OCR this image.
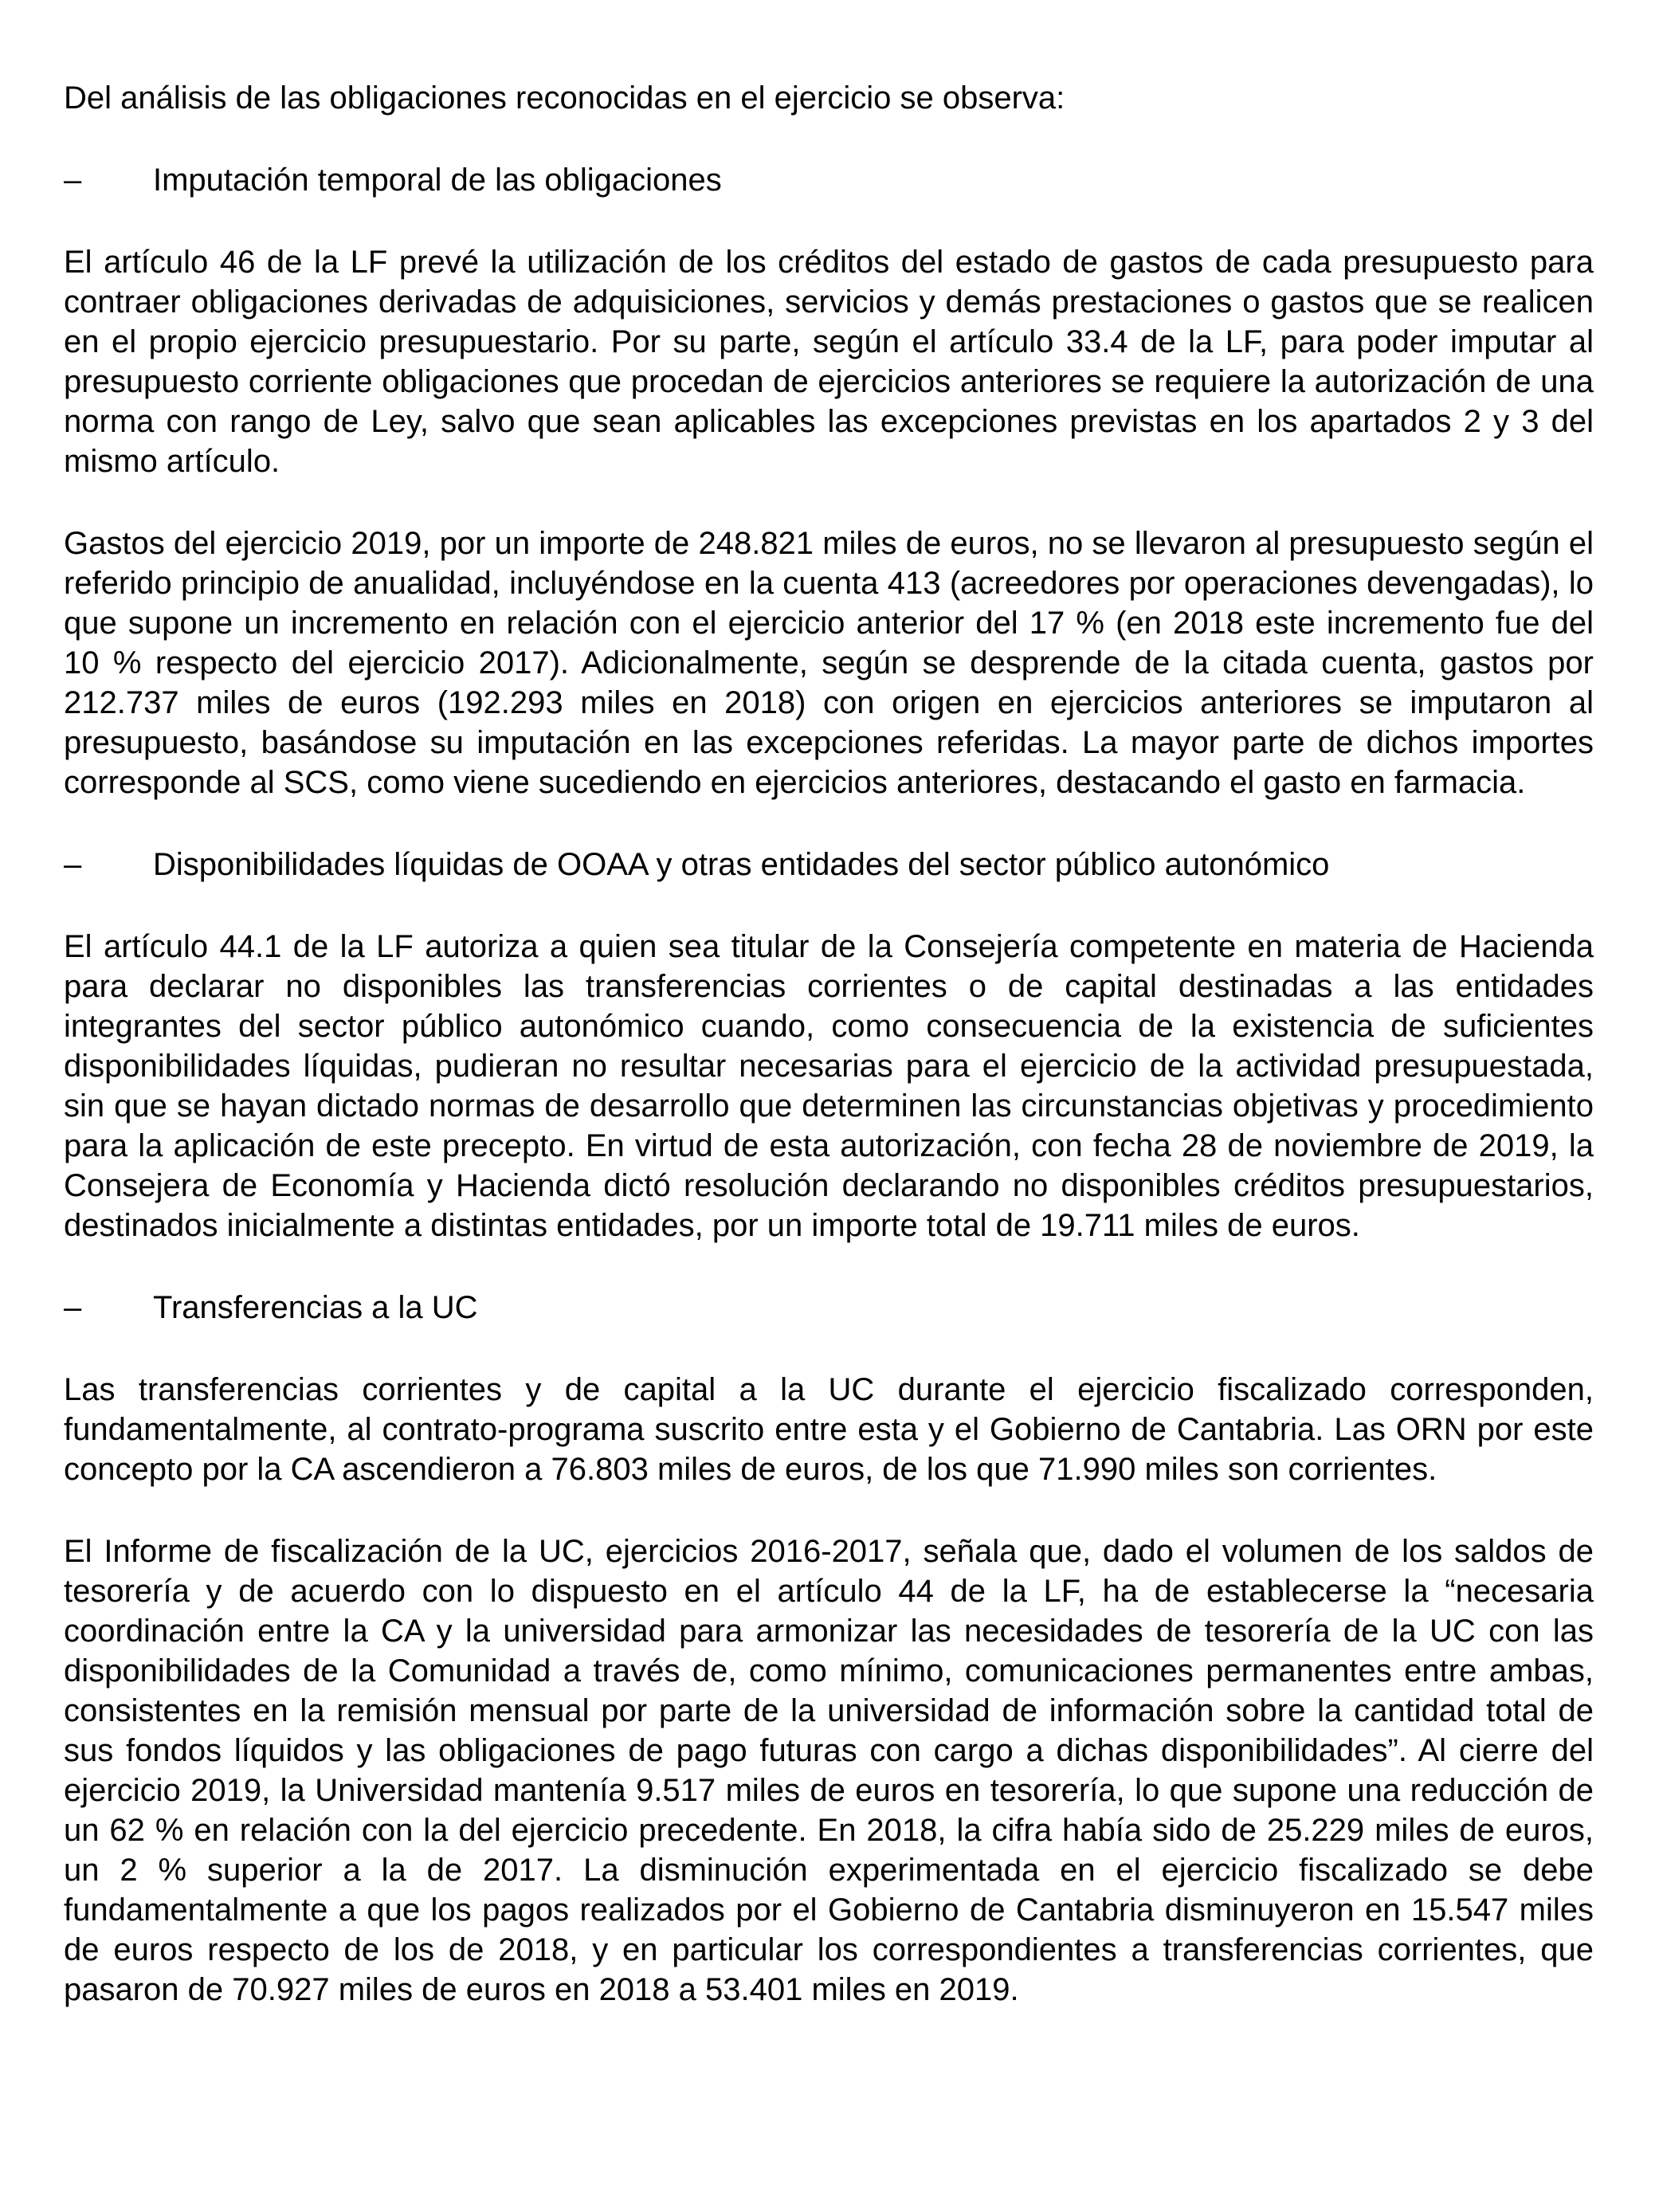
Del análisis de las obligaciones reconocidas en el ejercicio se observa:

–	Imputación temporal de las obligaciones

El artículo 46 de la LF prevé la utilización de los créditos del estado de gastos de cada presupuesto para contraer obligaciones derivadas de adquisiciones, servicios y demás prestaciones o gastos que se realicen en el propio ejercicio presupuestario. Por su parte, según el artículo 33.4 de la LF, para poder imputar al presupuesto corriente obligaciones que procedan de ejercicios anteriores se requiere la autorización de una norma con rango de Ley, salvo que sean aplicables las excepciones previstas en los apartados 2 y 3 del mismo artículo.

Gastos del ejercicio 2019, por un importe de 248.821 miles de euros, no se llevaron al presupuesto según el referido principio de anualidad, incluyéndose en la cuenta 413 (acreedores por operaciones devengadas), lo que supone un incremento en relación con el ejercicio anterior del 17 % (en 2018 este incremento fue del 10 % respecto del ejercicio 2017). Adicionalmente, según se desprende de la citada cuenta, gastos por 212.737 miles de euros (192.293 miles en 2018) con origen en ejercicios anteriores se imputaron al presupuesto, basándose su imputación en las excepciones referidas. La mayor parte de dichos importes corresponde al SCS, como viene sucediendo en ejercicios anteriores, destacando el gasto en farmacia.

–	Disponibilidades líquidas de OOAA y otras entidades del sector público autonómico

El artículo 44.1 de la LF autoriza a quien sea titular de la Consejería competente en materia de Hacienda para declarar no disponibles las transferencias corrientes o de capital destinadas a las entidades integrantes del sector público autonómico cuando, como consecuencia de la existencia de suficientes disponibilidades líquidas, pudieran no resultar necesarias para el ejercicio de la actividad presupuestada, sin que se hayan dictado normas de desarrollo que determinen las circunstancias objetivas y procedimiento para la aplicación de este precepto. En virtud de esta autorización, con fecha 28 de noviembre de 2019, la Consejera de Economía y Hacienda dictó resolución declarando no disponibles créditos presupuestarios, destinados inicialmente a distintas entidades, por un importe total de 19.711 miles de euros.

–	Transferencias a la UC

Las transferencias corrientes y de capital a la UC durante el ejercicio fiscalizado corresponden, fundamentalmente, al contrato-programa suscrito entre esta y el Gobierno de Cantabria. Las ORN por este concepto por la CA ascendieron a 76.803 miles de euros, de los que 71.990 miles son corrientes.

El Informe de fiscalización de la UC, ejercicios 2016-2017, señala que, dado el volumen de los saldos de tesorería y de acuerdo con lo dispuesto en el artículo 44 de la LF, ha de establecerse la “necesaria coordinación entre la CA y la universidad para armonizar las necesidades de tesorería de la UC con las disponibilidades de la Comunidad a través de, como mínimo, comunicaciones permanentes entre ambas, consistentes en la remisión mensual por parte de la universidad de información sobre la cantidad total de sus fondos líquidos y las obligaciones de pago futuras con cargo a dichas disponibilidades”. Al cierre del ejercicio 2019, la Universidad mantenía 9.517 miles de euros en tesorería, lo que supone una reducción de un 62 % en relación con la del ejercicio precedente. En 2018, la cifra había sido de 25.229 miles de euros, un 2 % superior a la de 2017. La disminución experimentada en el ejercicio fiscalizado se debe fundamentalmente a que los pagos realizados por el Gobierno de Cantabria disminuyeron en 15.547 miles de euros respecto de los de 2018, y en particular los correspondientes a transferencias corrientes, que pasaron de 70.927 miles de euros en 2018 a 53.401 miles en 2019.
